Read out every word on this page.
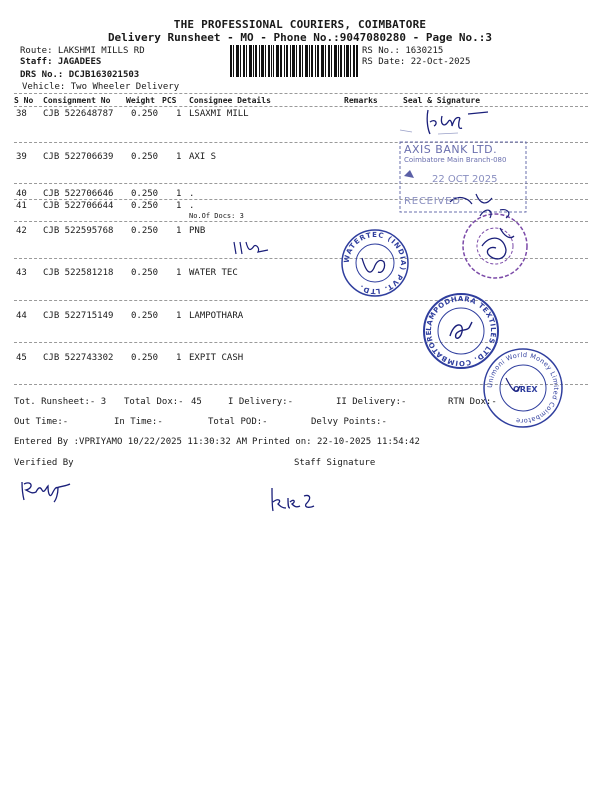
THE PROFESSIONAL COURIERS, COIMBATORE
Delivery Runsheet - MO - Phone No.:9047080280 - Page No.:3
Route: LAKSHMI MILLS RD
Staff: JAGADEES
DRS No.: DCJB163021503
Vehicle: Two Wheeler Delivery
RS No.: 1630215
RS Date: 22-Oct-2025
S No Consignment No Weight PCS Consignee Details	Remarks	Seal & Signature
38 CJB 522648787 0.250 1 LSAXMI MILL
39 CJB 522706639 0.250 1 AXI S
40 CJB 522706646 0.250 1 .
41 CJB 522706644 0.250 1 .
No.Of Docs: 3
42 CJB 522595768 0.250 1 PNB
43 CJB 522581218 0.250 1 WATER TEC
44 CJB 522715149 0.250 1 LAMPOTHARA
45 CJB 522743302 0.250 1 EXPIT CASH
Tot. Runsheet:- 3 Total Dox:- 45	I Delivery:-	II Delivery:-	RTN Dox:-
Out Time:-	In Time:-	Total POD:-	Delvy Points:-
Entered By :VPRIYAMO 10/22/2025 11:30:32 AM Printed on: 22-10-2025 11:54:42
Verified By	Staff Signature
AXIS BANK LTD.
Coimbatore Main Branch-080
22 OCT 2025
RECEIVED
WATERTEC (INDIA) PVT. LTD.
LAMPODHARA TEXTILES LTD. COIMBATORE
Unimoni World Money Limited Coimbatore
OREX
